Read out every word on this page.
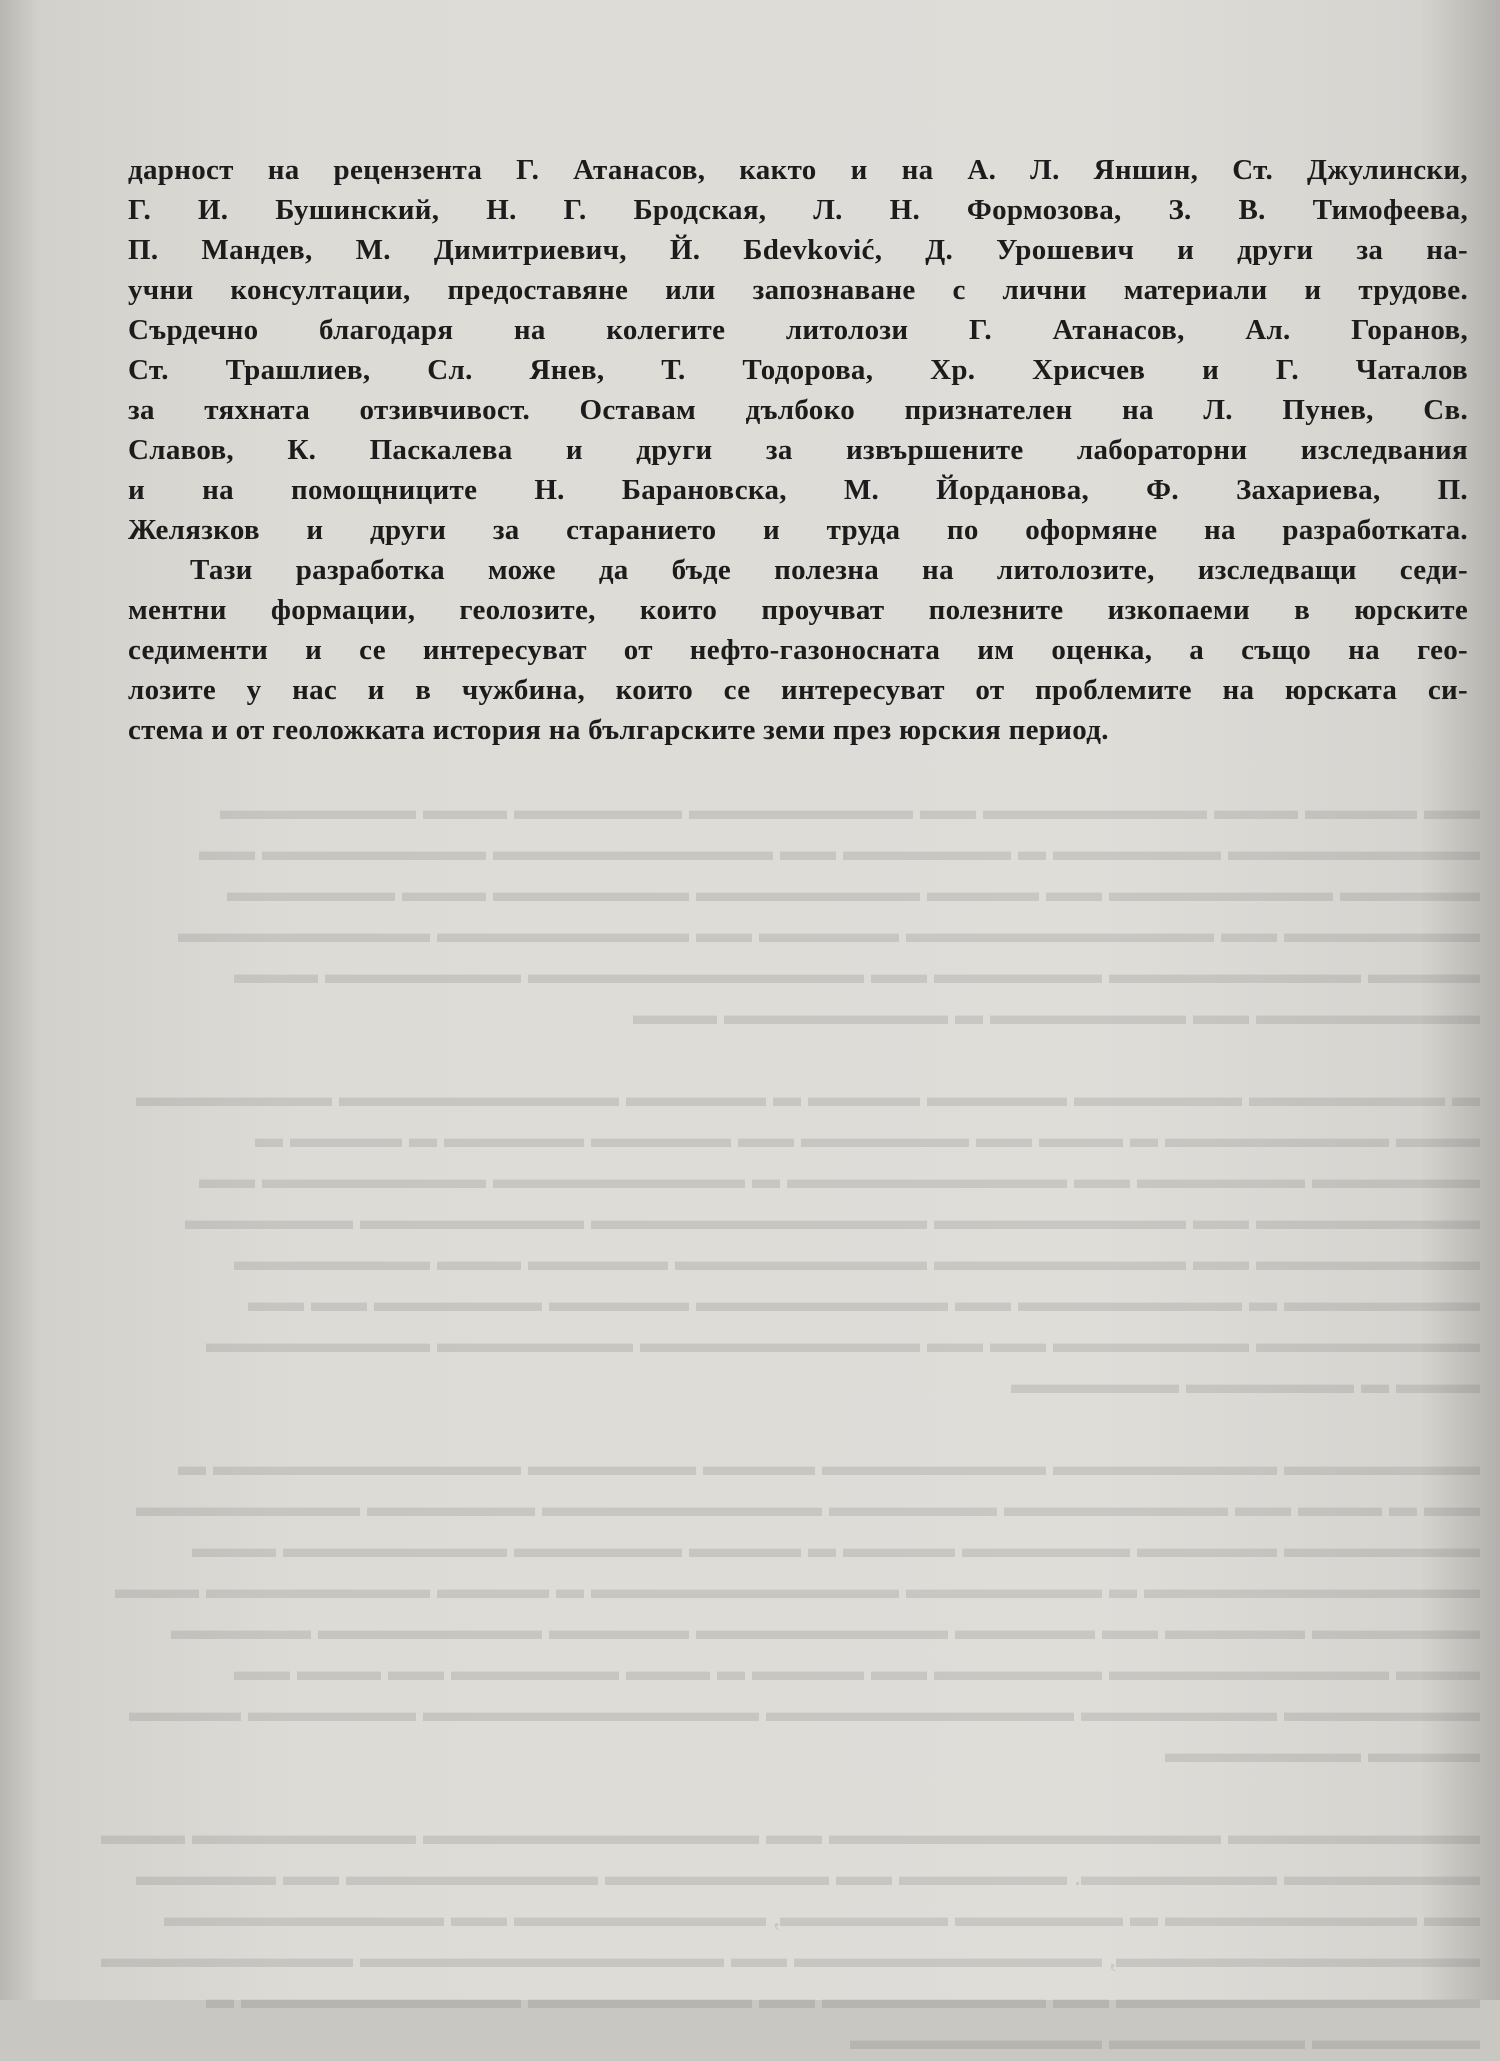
▬▬ ▬▬▬▬ ▬▬▬ ▬▬▬▬▬▬▬▬ ▬▬ ▬▬▬▬▬▬▬▬ ▬▬▬▬▬▬ ▬▬▬ ▬▬▬▬▬▬▬
▬▬▬▬▬▬▬▬▬ ▬▬▬▬▬▬ ▬ ▬▬▬▬▬▬ ▬▬ ▬▬▬▬▬▬▬▬▬▬ ▬▬▬▬▬▬▬▬ ▬▬
▬▬▬▬▬ ▬▬▬▬▬▬▬▬ ▬▬ ▬▬▬▬ ▬▬▬▬▬▬▬▬ ▬▬▬▬▬▬▬ ▬▬▬ ▬▬▬▬▬▬
▬▬▬▬▬▬▬ ▬▬ ▬▬▬▬▬▬▬▬▬▬▬ ▬▬▬▬▬ ▬▬ ▬▬▬▬▬▬▬▬▬ ▬▬▬▬▬▬▬▬▬
▬▬▬▬ ▬▬▬▬▬▬▬▬▬ ▬▬▬▬▬▬ ▬▬ ▬▬▬▬▬▬▬▬▬▬▬▬ ▬▬▬▬▬▬▬ ▬▬▬
▬▬▬▬▬▬▬▬ ▬▬ ▬▬▬▬▬▬▬ ▬ ▬▬▬▬▬▬▬▬ ▬▬▬

▬ ▬▬▬▬▬▬▬ ▬▬▬▬▬▬ ▬▬▬▬▬ ▬▬▬▬ ▬ ▬▬▬▬▬ ▬▬▬▬▬▬▬▬▬▬ ▬▬▬▬▬▬▬
▬▬▬ ▬▬▬▬▬▬▬▬ ▬ ▬▬▬ ▬▬ ▬▬▬▬▬▬ ▬▬ ▬▬▬▬▬ ▬▬▬▬▬ ▬ ▬▬▬▬ ▬
▬▬▬▬▬▬ ▬▬▬▬▬▬ ▬▬ ▬▬▬▬▬▬▬▬▬▬ ▬ ▬▬▬▬▬▬▬▬▬ ▬▬▬▬▬▬▬▬ ▬▬
▬▬▬▬▬▬▬▬ ▬▬ ▬▬▬▬▬▬▬▬▬ ▬▬▬▬▬▬▬▬▬▬▬▬ ▬▬▬▬▬▬▬▬ ▬▬▬▬▬▬
▬▬▬▬▬▬▬▬ ▬▬ ▬▬▬▬▬▬▬▬▬ ▬▬▬▬▬▬▬▬▬ ▬▬▬▬▬ ▬▬▬ ▬▬▬▬▬▬▬
▬▬▬▬▬▬▬ ▬ ▬▬▬▬▬▬▬▬ ▬▬ ▬▬▬▬▬▬▬▬▬ ▬▬▬▬▬ ▬▬▬▬▬▬ ▬▬ ▬▬
▬▬▬▬▬▬▬▬ ▬▬▬▬▬▬▬ ▬▬ ▬▬ ▬▬▬▬▬▬▬▬▬▬ ▬▬▬▬▬▬▬ ▬▬▬▬▬▬▬▬
▬▬▬ ▬ ▬▬▬▬▬▬ ▬▬▬▬▬▬

▬▬▬▬▬▬▬ ▬▬▬▬▬▬▬▬ ▬▬▬▬▬▬▬▬ ▬▬▬▬ ▬▬▬▬▬▬ ▬▬▬▬▬▬▬▬▬▬▬ ▬
▬▬ ▬ ▬▬▬ ▬▬ ▬▬▬▬▬▬▬▬ ▬▬▬▬▬▬ ▬▬▬▬▬▬▬▬▬▬ ▬▬▬▬▬▬ ▬▬▬▬▬▬▬▬
▬▬▬▬▬▬▬ ▬▬▬▬▬ ▬▬▬▬▬▬ ▬▬▬▬ ▬ ▬▬▬▬ ▬▬▬▬▬▬ ▬▬▬▬▬▬▬▬ ▬▬▬
▬▬▬▬▬▬▬▬▬▬▬▬ ▬ ▬▬▬▬▬▬▬ ▬▬▬▬▬▬▬▬▬▬▬ ▬ ▬▬▬▬ ▬▬▬▬▬▬▬▬ ▬▬▬
▬▬▬▬▬▬ ▬▬▬▬▬ ▬▬ ▬▬▬▬▬ ▬▬▬▬▬▬▬▬▬ ▬▬▬▬▬ ▬▬▬▬▬▬▬▬ ▬▬▬▬▬
▬▬▬ ▬▬▬▬▬▬▬▬▬▬ ▬▬▬▬▬▬ ▬▬ ▬▬▬▬ ▬ ▬▬▬ ▬▬▬▬▬▬ ▬▬ ▬▬▬ ▬▬
▬▬▬▬▬▬▬ ▬▬▬▬▬▬▬ ▬▬▬▬▬▬▬▬▬▬▬ ▬▬▬▬▬▬▬▬▬▬▬▬ ▬▬▬▬▬▬ ▬▬▬▬
▬▬▬▬ ▬▬▬▬▬▬▬

▬▬▬▬▬▬▬▬▬ ▬▬▬▬▬▬▬▬▬▬▬▬▬▬ ▬▬ ▬▬▬▬▬▬▬▬▬▬▬▬ ▬▬▬▬▬▬▬▬ ▬▬▬
▬▬▬▬▬▬▬ ▬▬▬▬▬▬▬. ▬▬▬▬▬▬ ▬▬ ▬▬▬▬▬▬▬▬ ▬▬▬▬▬▬▬▬▬ ▬▬ ▬▬▬▬▬
▬▬ ▬▬▬▬▬▬▬▬▬ ▬ ▬▬▬▬▬▬ ▬▬▬▬▬▬, ▬▬▬▬▬▬▬▬▬ ▬▬ ▬▬▬▬▬▬▬▬▬▬
▬▬▬▬▬▬▬▬▬▬▬▬▬, ▬▬▬▬▬▬▬▬▬▬▬ ▬▬ ▬▬▬▬▬▬▬▬▬▬▬▬▬ ▬▬▬▬▬▬▬▬▬
▬▬▬▬▬▬▬▬▬▬▬▬▬ ▬▬ ▬▬▬▬▬▬▬▬ ▬▬ ▬▬▬▬▬▬▬▬ ▬▬▬▬▬▬▬▬▬▬ ▬
▬▬▬▬▬▬ ▬▬▬▬▬▬▬ ▬▬▬▬▬▬▬▬▬
дарност на рецензента Г. Атанасов, както и на А. Л. Яншин, Ст. Джулински,
Г. И. Бушинский, Н. Г. Бродская, Л. Н. Формозова, З. В. Тимофеева,
П. Мандев, М. Димитриевич, Й. Бdevković, Д. Урошевич и други за на-
учни консултации, предоставяне или запознаване с лични материали и трудове.
Сърдечно благодаря на колегите литолози Г. Атанасов, Ал. Горанов,
Ст. Трашлиев, Сл. Янев, Т. Тодорова, Хр. Хрисчев и Г. Чаталов
за тяхната отзивчивост. Оставам дълбоко признателен на Л. Пунев, Св.
Славов, К. Паскалева и други за извършените лабораторни изследвания
и на помощниците Н. Барановска, М. Йорданова, Ф. Захариева, П.
Желязков и други за старанието и труда по оформяне на разработката.
Тази разработка може да бъде полезна на литолозите, изследващи седи-
ментни формации, геолозите, които проучват полезните изкопаеми в юрските
седименти и се интересуват от нефто-газоносната им оценка, а също на гео-
лозите у нас и в чужбина, които се интересуват от проблемите на юрската си-
стема и от геоложката история на българските земи през юрския период.
